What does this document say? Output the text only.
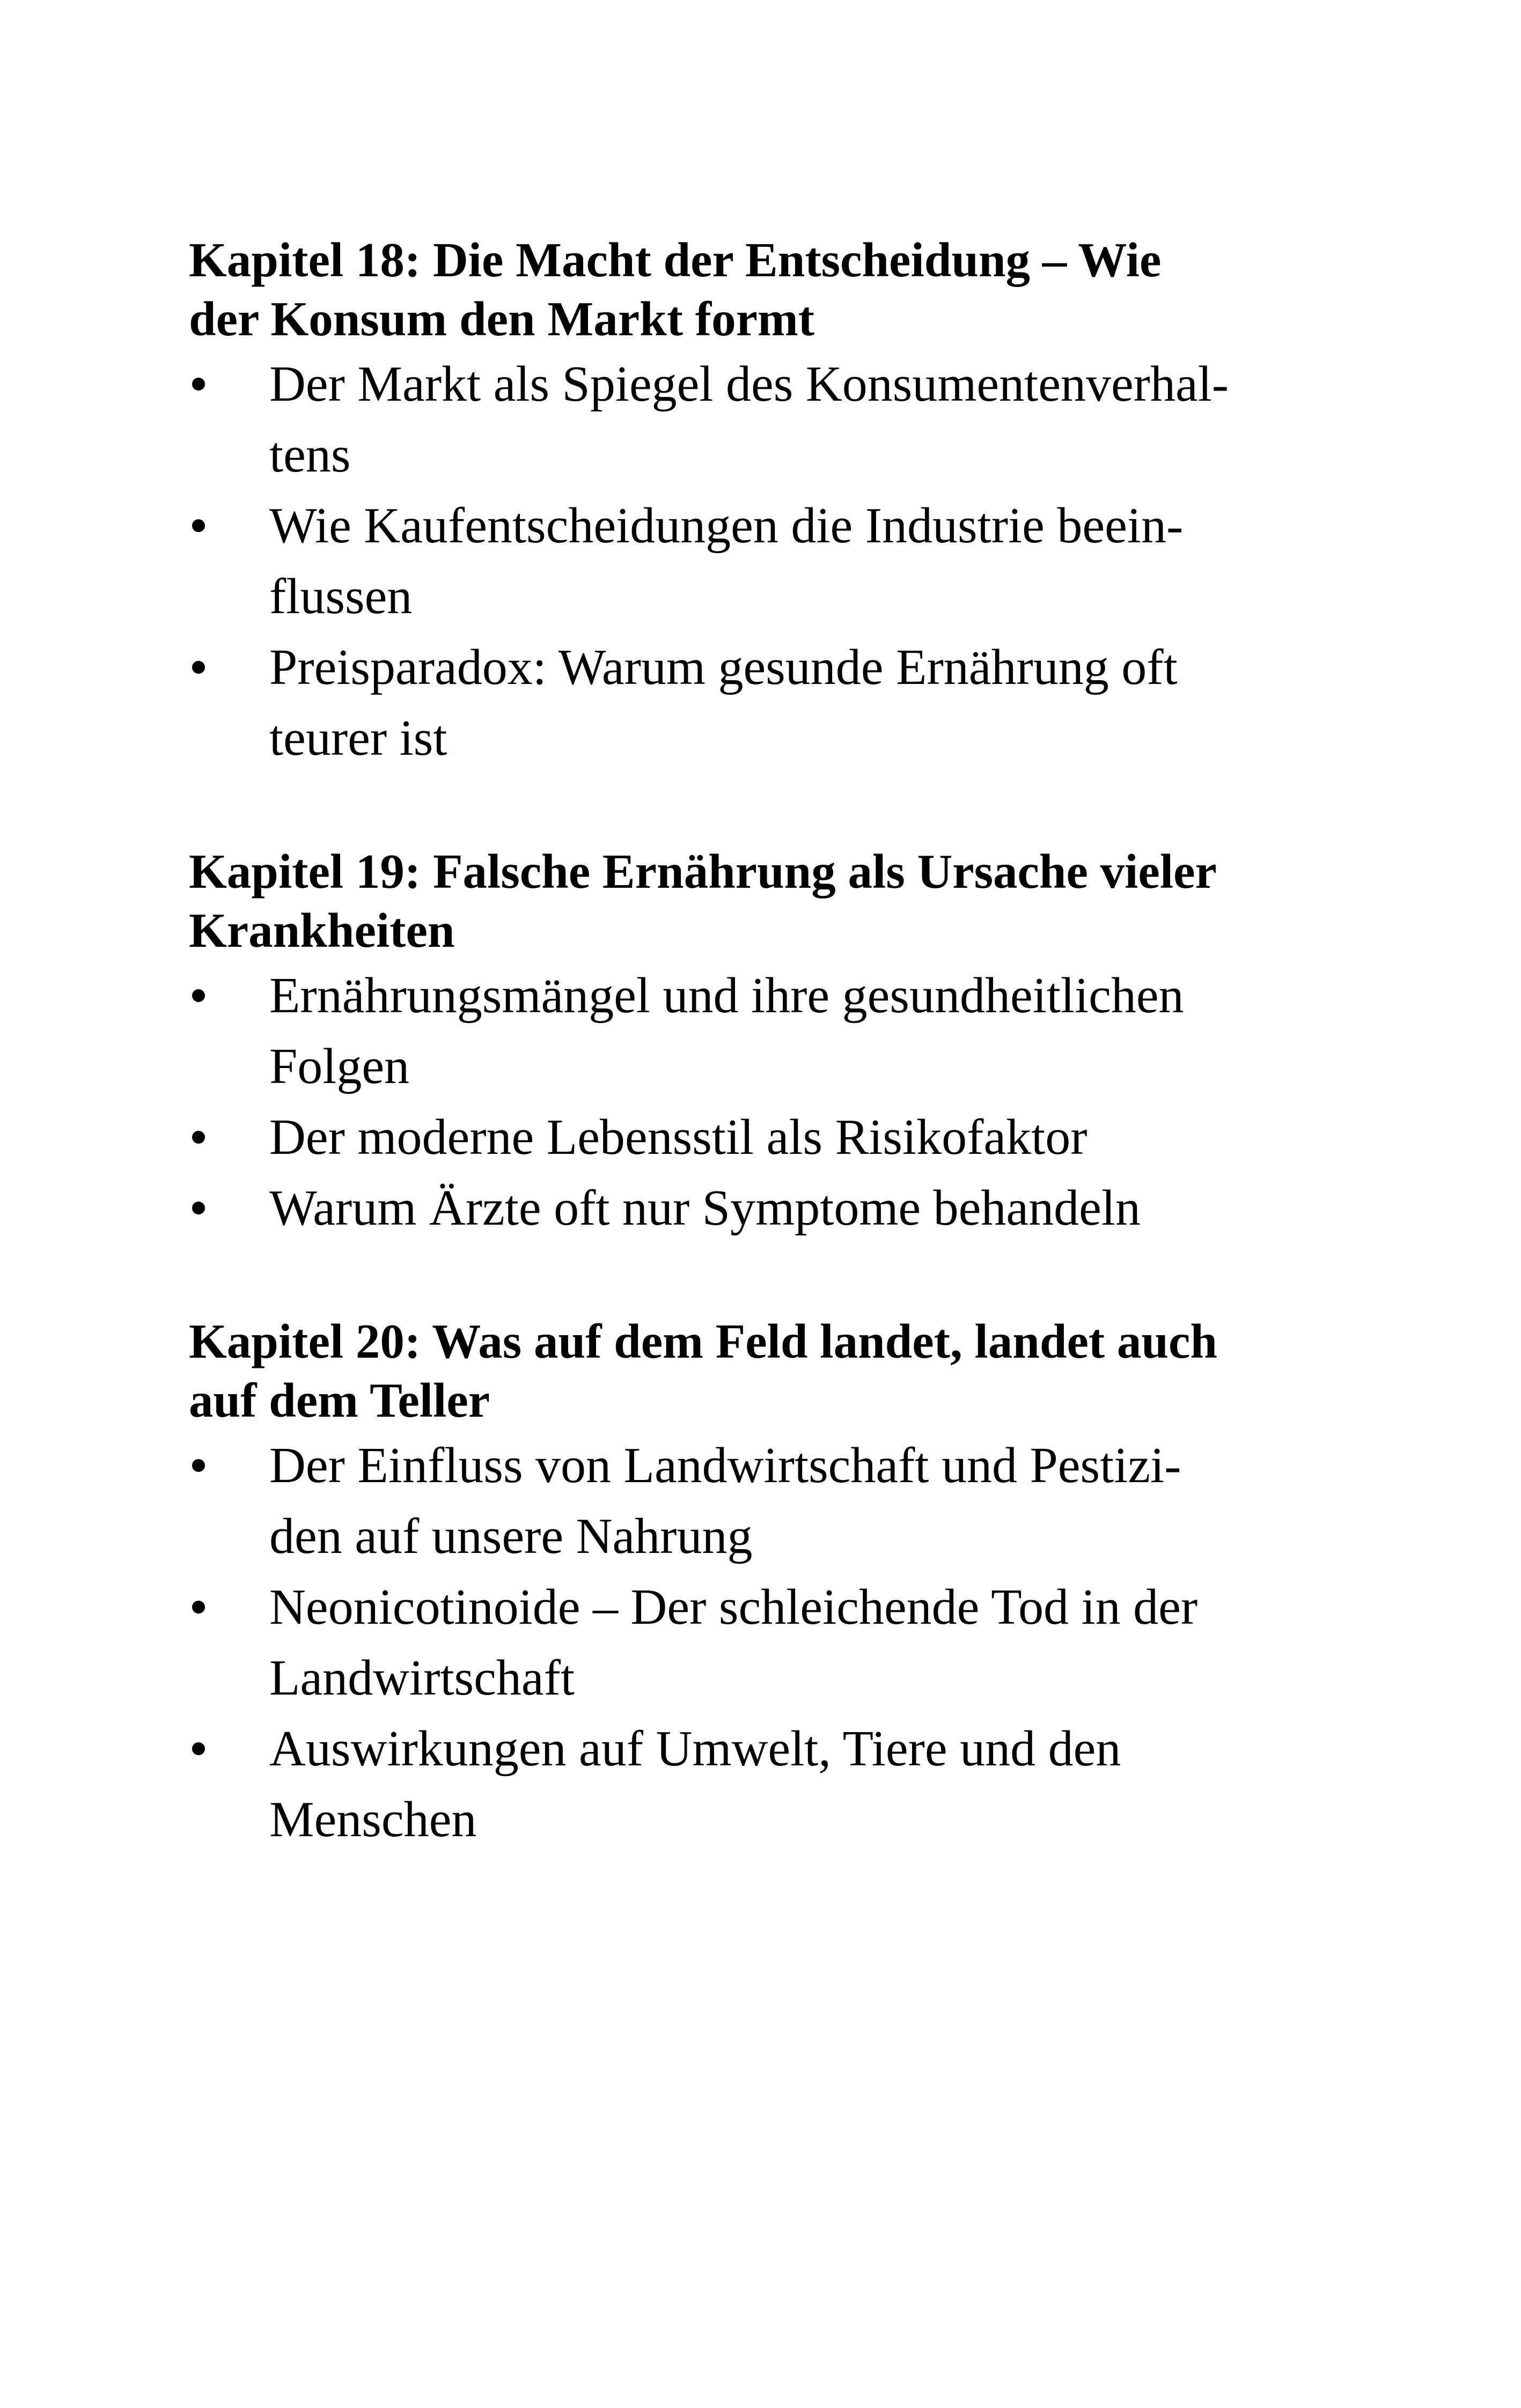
Kapitel 18: Die Macht der Entscheidung – Wie
der Konsum den Markt formt
Der Markt als Spiegel des Konsumentenverhal-
tens
Wie Kaufentscheidungen die Industrie beein-
flussen
Preisparadox: Warum gesunde Ernährung oft
teurer ist
Kapitel 19: Falsche Ernährung als Ursache vieler
Krankheiten
Ernährungsmängel und ihre gesundheitlichen
Folgen
Der moderne Lebensstil als Risikofaktor
Warum Ärzte oft nur Symptome behandeln
Kapitel 20: Was auf dem Feld landet, landet auch
auf dem Teller
Der Einfluss von Landwirtschaft und Pestizi-
den auf unsere Nahrung
Neonicotinoide – Der schleichende Tod in der
Landwirtschaft
Auswirkungen auf Umwelt, Tiere und den
Menschen
